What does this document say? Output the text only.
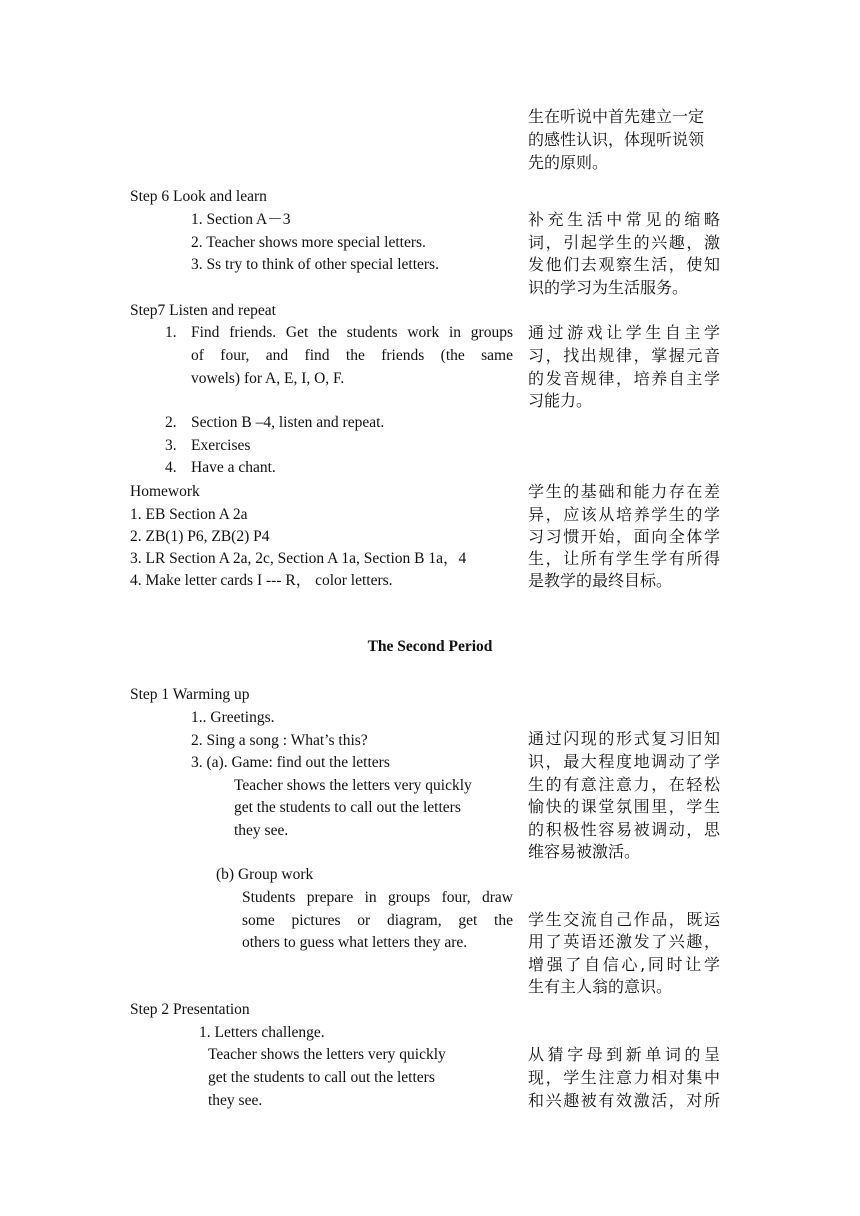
生在听说中首先建立一定
的感性认识，体现听说领
先的原则。
Step 6 Look and learn
1. Section A－3
2. Teacher shows more special letters.
3. Ss try to think of other special letters.
补充生活中常见的缩略
词，引起学生的兴趣，激
发他们去观察生活，使知
识的学习为生活服务。
Step7 Listen and repeat
1. Find friends. Get the students work in groups
of four, and find the friends (the same
vowels) for A, E, I, O, F.
2. Section B –4, listen and repeat.
3. Exercises
4. Have a chant.
通过游戏让学生自主学
习，找出规律，掌握元音
的发音规律，培养自主学
习能力。
Homework
1. EB Section A 2a
2. ZB(1) P6, ZB(2) P4
3. LR Section A 2a, 2c, Section A 1a, Section B 1a，4
4. Make letter cards I --- R， color letters.
学生的基础和能力存在差
异，应该从培养学生的学
习习惯开始，面向全体学
生，让所有学生学有所得
是教学的最终目标。
The Second Period
Step 1 Warming up
1.. Greetings.
2. Sing a song : What’s this?
3. (a). Game: find out the letters
Teacher shows the letters very quickly
get the students to call out the letters
they see.
(b) Group work
Students prepare in groups four, draw
some pictures or diagram, get the
others to guess what letters they are.
通过闪现的形式复习旧知
识，最大程度地调动了学
生的有意注意力，在轻松
愉快的课堂氛围里，学生
的积极性容易被调动，思
维容易被激活。
学生交流自己作品，既运
用了英语还激发了兴趣，
增强了自信心,同时让学
生有主人翁的意识。
Step 2 Presentation
1. Letters challenge.
Teacher shows the letters very quickly
get the students to call out the letters
they see.
从猜字母到新单词的呈
现，学生注意力相对集中
和兴趣被有效激活，对所
